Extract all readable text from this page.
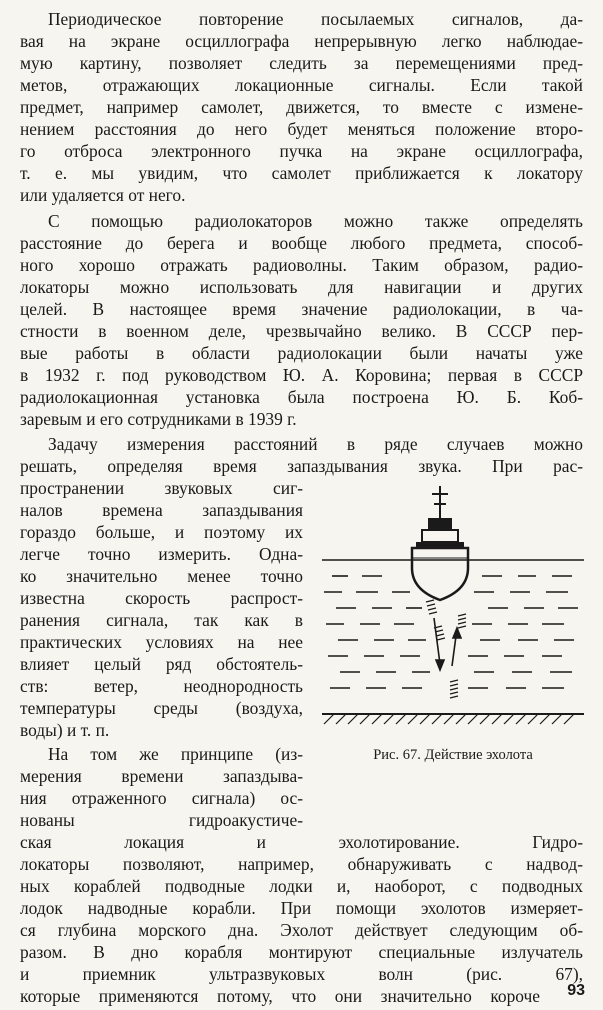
Периодическое повторение посылаемых сигналов, да-
вая на экране осциллографа непрерывную легко наблюдае-
мую картину, позволяет следить за перемещениями пред-
метов, отражающих локационные сигналы. Если такой
предмет, например самолет, движется, то вместе с измене-
нением расстояния до него будет меняться положение второ-
го отброса электронного пучка на экране осциллографа,
т. е. мы увидим, что самолет приближается к локатору
или удаляется от него.
С помощью радиолокаторов можно также определять
расстояние до берега и вообще любого предмета, способ-
ного хорошо отражать радиоволны. Таким образом, радио-
локаторы можно использовать для навигации и других
целей. В настоящее время значение радиолокации, в ча-
стности в военном деле, чрезвычайно велико. В СССР пер-
вые работы в области радиолокации были начаты уже
в 1932 г. под руководством Ю. А. Коровина; первая в СССР
радиолокационная установка была построена Ю. Б. Коб-
заревым и его сотрудниками в 1939 г.
Задачу измерения расстояний в ряде случаев можно
решать, определяя время запаздывания звука. При рас-
пространении звуковых сиг-
налов времена запаздывания
гораздо больше, и поэтому их
легче точно измерить. Одна-
ко значительно менее точно
известна скорость распрост-
ранения сигнала, так как в
практических условиях на нее
влияет целый ряд обстоятель-
ств: ветер, неоднородность
температуры среды (воздуха,
воды) и т. п.
На том же принципе (из-
мерения времени запаздыва-
ния отраженного сигнала) ос-
нованы гидроакустиче-
ская локация и эхолотирование. Гидро-
локаторы позволяют, например, обнаруживать с надвод-
ных кораблей подводные лодки и, наоборот, с подводных
лодок надводные корабли. При помощи эхолотов измеряет-
ся глубина морского дна. Эхолот действует следующим об-
разом. В дно корабля монтируют специальные излучатель
и приемник ультразвуковых волн (рис. 67),
которые применяются потому, что они значительно короче
Рис. 67. Действие эхолота
93
